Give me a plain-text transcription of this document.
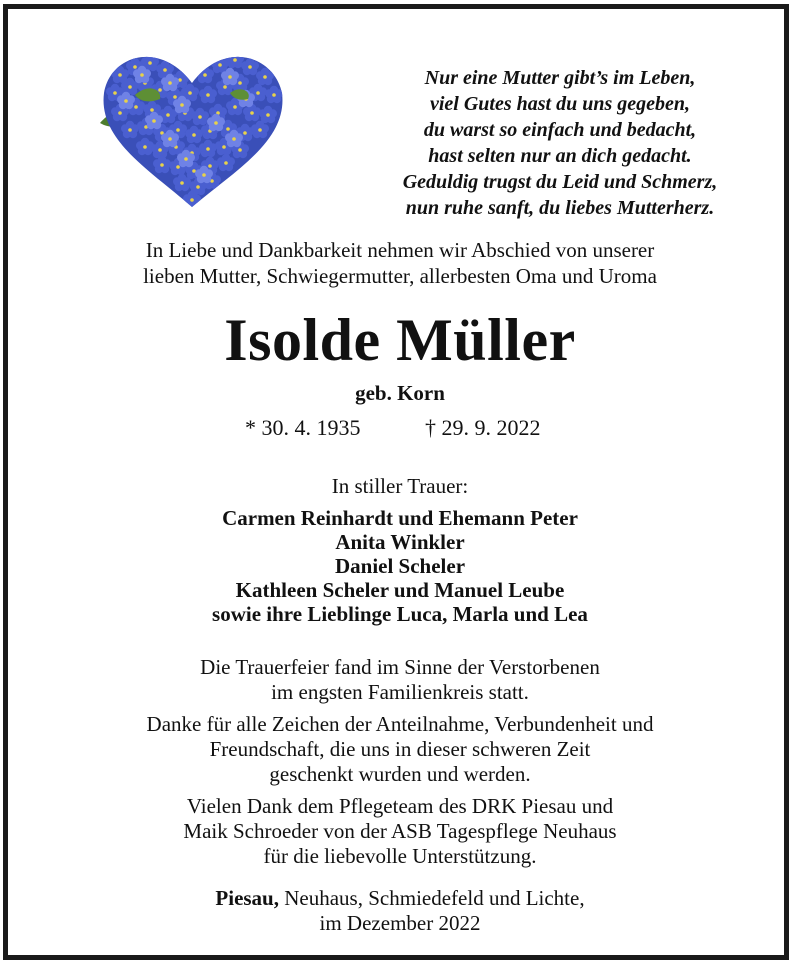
Nur eine Mutter gibt’s im Leben,
viel Gutes hast du uns gegeben,
du warst so einfach und bedacht,
hast selten nur an dich gedacht.
Geduldig trugst du Leid und Schmerz,
nun ruhe sanft, du liebes Mutterherz.
In Liebe und Dankbarkeit nehmen wir Abschied von unserer
lieben Mutter, Schwiegermutter, allerbesten Oma und Uroma
Isolde Müller
geb. Korn
* 30. 4. 1935	† 29. 9. 2022
In stiller Trauer:
Carmen Reinhardt und Ehemann Peter
Anita Winkler
Daniel Scheler
Kathleen Scheler und Manuel Leube
sowie ihre Lieblinge Luca, Marla und Lea
Die Trauerfeier fand im Sinne der Verstorbenen
im engsten Familienkreis statt.
Danke für alle Zeichen der Anteilnahme, Verbundenheit und
Freundschaft, die uns in dieser schweren Zeit
geschenkt wurden und werden.
Vielen Dank dem Pflegeteam des DRK Piesau und
Maik Schroeder von der ASB Tagespflege Neuhaus
für die liebevolle Unterstützung.
Piesau, Neuhaus, Schmiedefeld und Lichte,
im Dezember 2022
